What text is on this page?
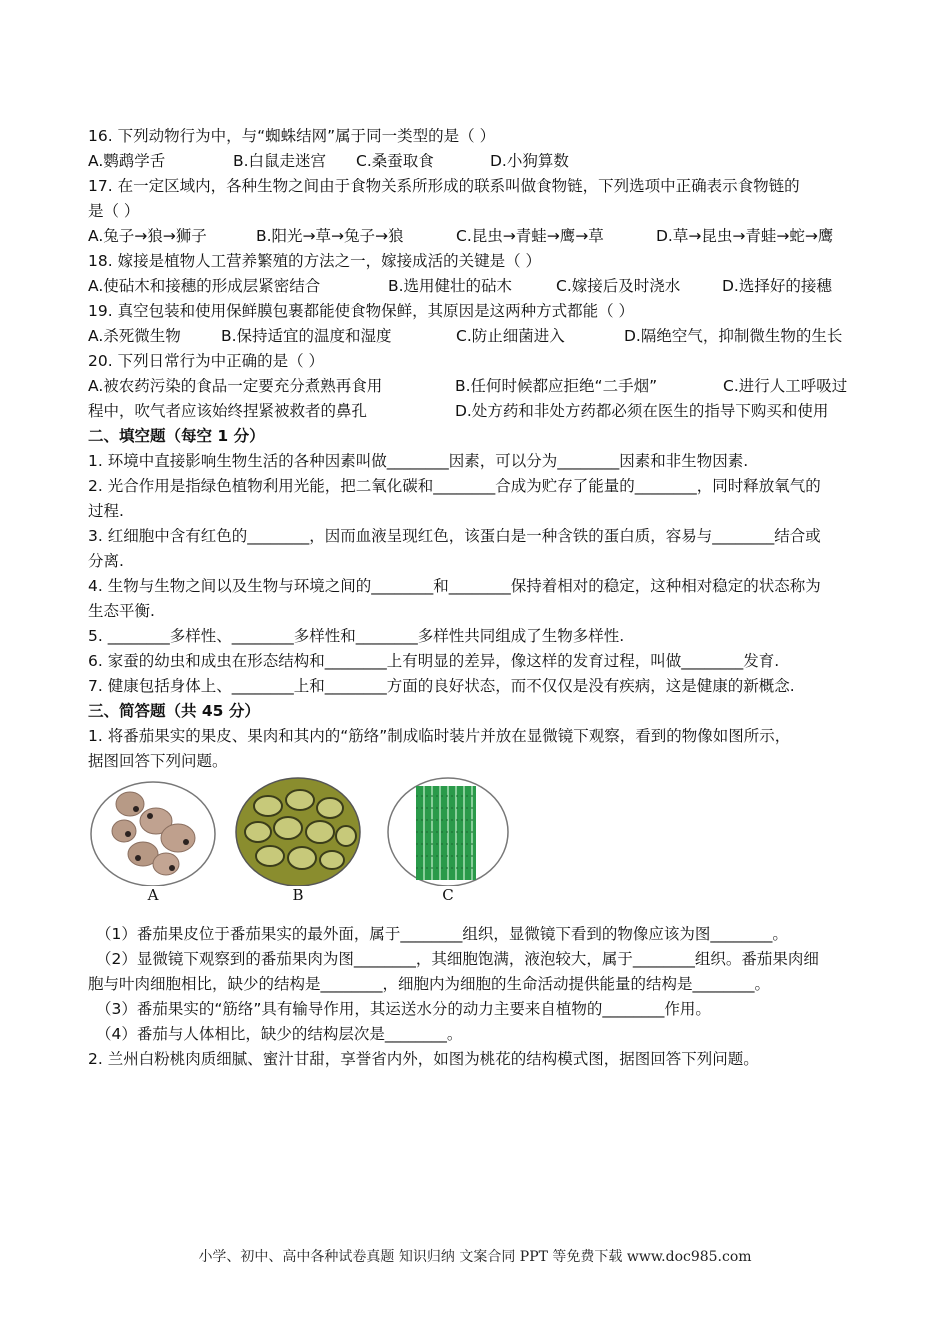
16. 下列动物行为中，与“蜘蛛结网”属于同一类型的是（ ）
A.鹦鹉学舌	B.白鼠走迷宫	C.桑蚕取食	D.小狗算数
17. 在一定区域内，各种生物之间由于食物关系所形成的联系叫做食物链，下列选项中正确表示食物链的
是（ ）
A.兔子→狼→狮子	B.阳光→草→兔子→狼	C.昆虫→青蛙→鹰→草	D.草→昆虫→青蛙→蛇→鹰
18. 嫁接是植物人工营养繁殖的方法之一，嫁接成活的关键是（ ）
A.使砧木和接穗的形成层紧密结合	B.选用健壮的砧木	C.嫁接后及时浇水	D.选择好的接穗
19. 真空包装和使用保鲜膜包裹都能使食物保鲜，其原因是这两种方式都能（ ）
A.杀死微生物	B.保持适宜的温度和湿度	C.防止细菌进入	D.隔绝空气，抑制微生物的生长
20. 下列日常行为中正确的是（ ）
A.被农药污染的食品一定要充分煮熟再食用	B.任何时候都应拒绝“二手烟”	C.进行人工呼吸过
程中，吹气者应该始终捏紧被救者的鼻孔	D.处方药和非处方药都必须在医生的指导下购买和使用
二、填空题（每空 1 分）
1. 环境中直接影响生物生活的各种因素叫做________因素，可以分为________因素和非生物因素.
2. 光合作用是指绿色植物利用光能，把二氧化碳和________合成为贮存了能量的________，同时释放氧气的
过程.
3. 红细胞中含有红色的________，因而血液呈现红色，该蛋白是一种含铁的蛋白质，容易与________结合或
分离.
4. 生物与生物之间以及生物与环境之间的________和________保持着相对的稳定，这种相对稳定的状态称为
生态平衡.
5. ________多样性、________多样性和________多样性共同组成了生物多样性.
6. 家蚕的幼虫和成虫在形态结构和________上有明显的差异，像这样的发育过程，叫做________发育.
7. 健康包括身体上、________上和________方面的良好状态，而不仅仅是没有疾病，这是健康的新概念.
三、简答题（共 45 分）
1. 将番茄果实的果皮、果肉和其内的“筋络”制成临时装片并放在显微镜下观察，看到的物像如图所示，
据图回答下列问题。
A	B	C
（1）番茄果皮位于番茄果实的最外面，属于________组织，显微镜下看到的物像应该为图________。
（2）显微镜下观察到的番茄果肉为图________，其细胞饱满，液泡较大，属于________组织。番茄果肉细
胞与叶肉细胞相比，缺少的结构是________，细胞内为细胞的生命活动提供能量的结构是________。
（3）番茄果实的“筋络”具有输导作用，其运送水分的动力主要来自植物的________作用。
（4）番茄与人体相比，缺少的结构层次是________。
2. 兰州白粉桃肉质细腻、蜜汁甘甜，享誉省内外，如图为桃花的结构模式图，据图回答下列问题。
小学、初中、高中各种试卷真题 知识归纳 文案合同 PPT 等免费下载 www.doc985.com
